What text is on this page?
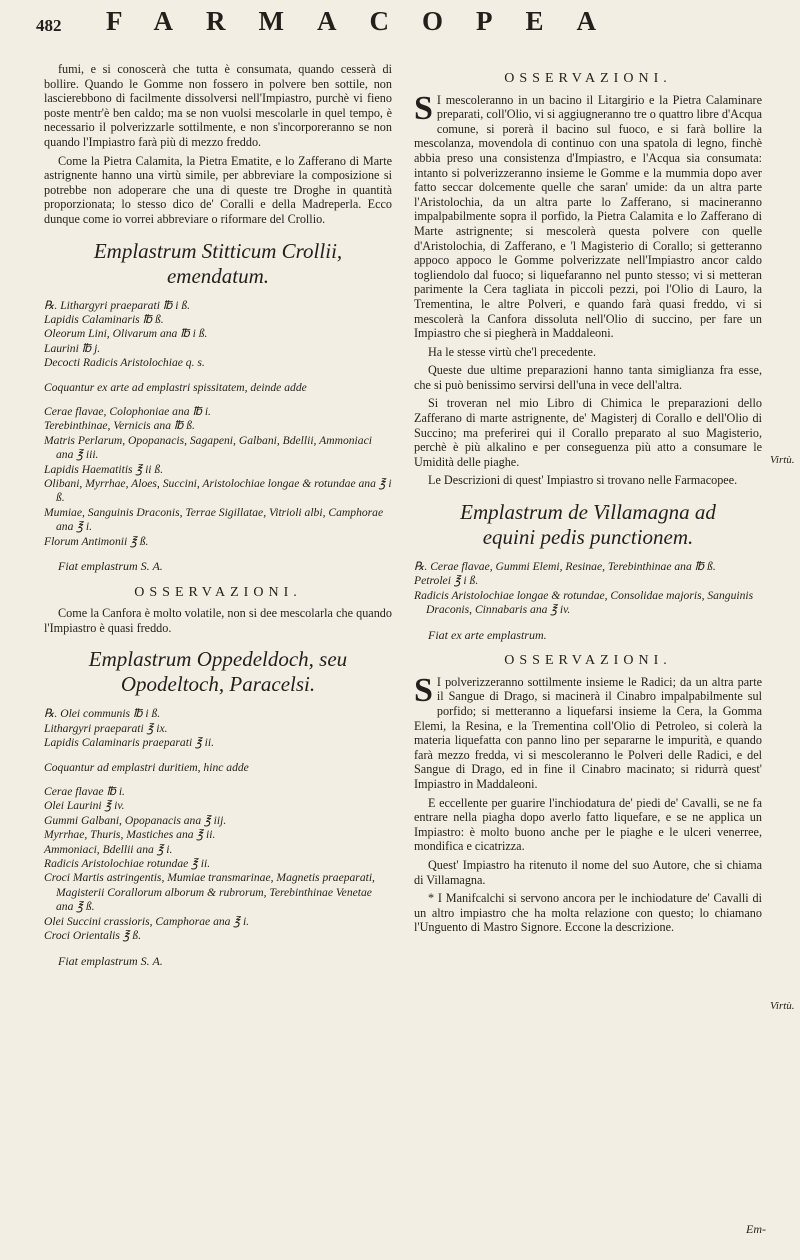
482 FARMACOPEA

fumi, e si conoscerà che tutta è consumata, quando cesserà di bollire. Quando le Gomme non fossero in polvere ben sottile, non lascierebbono di facilmente dissolversi nell'Impiastro, purchè vi fieno poste mentr'è ben caldo; ma se non vuolsi mescolarle in quel tempo, è necessario il polverizzarle sottilmente, e non s'incorporeranno se non quando l'Impiastro farà più di mezzo freddo.

Come la Pietra Calamita, la Pietra Ematite, e lo Zafferano di Marte astrignente hanno una virtù simile, per abbreviare la composizione si potrebbe non adoperare che una di queste tre Droghe in quantità proporzionata; lo stesso dico de' Coralli e della Madreperla. Ecco dunque come io vorrei abbreviare o riformare del Crollio.

Emplastrum Stitticum Crollii,
emendatum.
℞. Lithargyri praeparati ℔ i ß.
Lapidis Calaminaris ℔ ß.
Oleorum Lini, Olivarum ana ℔ i ß.
Laurini ℔ j.
Decocti Radicis Aristolochiae q. s.
Coquantur ex arte ad emplastri spissitatem, deinde adde
Cerae flavae, Colophoniae ana ℔ i.
Terebinthinae, Vernicis ana ℔ ß.
Matris Perlarum, Opopanacis, Sagapeni, Galbani, Bdellii, Ammoniaci ana ℥ iii.
Lapidis Haematitis ℥ ii ß.
Olibani, Myrrhae, Aloes, Succini, Aristolochiae longae & rotundae ana ℥ i ß.
Mumiae, Sanguinis Draconis, Terrae Sigillatae, Vitrioli albi, Camphorae ana ℥ i.
Florum Antimonii ℥ ß.
Fiat emplastrum S. A.
OSSERVAZIONI.

Come la Canfora è molto volatile, non si dee mescolarla che quando l'Impiastro è quasi freddo.

Emplastrum Oppedeldoch, seu
Opodeltoch, Paracelsi.
℞. Olei communis ℔ i ß.
Lithargyri praeparati ℥ ix.
Lapidis Calaminaris praeparati ℥ ii.
Coquantur ad emplastri duritiem, hinc adde
Cerae flavae ℔ i.
Olei Laurini ℥ iv.
Gummi Galbani, Opopanacis ana ℥ iij.
Myrrhae, Thuris, Mastiches ana ℥ ii.
Ammoniaci, Bdellii ana ℥ i.
Radicis Aristolochiae rotundae ℥ ii.
Croci Martis astringentis, Mumiae transmarinae, Magnetis praeparati, Magisterii Corallorum alborum & rubrorum, Terebinthinae Venetae ana ℥ ß.
Olei Succini crassioris, Camphorae ana ℥ i.
Croci Orientalis ℥ ß.
Fiat emplastrum S. A.
OSSERVAZIONI.

S I mescoleranno in un bacino il Litargirio e la Pietra Calaminare preparati, coll'Olio, vi si aggiugneranno tre o quattro libre d'Acqua comune, si porerà il bacino sul fuoco, e si farà bollire la mescolanza, movendola di continuo con una spatola di legno, finchè abbia preso una consistenza d'Impiastro, e l'Acqua sia consumata: intanto si polverizzeranno insieme le Gomme e la mummia dopo aver fatto seccar dolcemente quelle che saran' umide: da un altra parte l'Aristolochia, da un altra parte lo Zafferano, si macineranno impalpabilmente sopra il porfido, la Pietra Calamita e lo Zafferano di Marte astrignente; si mescolerà questa polvere con quelle d'Aristolochia, di Zafferano, e 'l Magisterio di Corallo; si getteranno appoco appoco le Gomme polverizzate nell'Impiastro ancor caldo togliendolo dal fuoco; si liquefaranno nel punto stesso; vi si metteran parimente la Cera tagliata in piccoli pezzi, poi l'Olio di Lauro, la Trementina, le altre Polveri, e quando farà quasi freddo, vi si mescolerà la Canfora dissoluta nell'Olio di succino, per fare un Impiastro che si piegherà in Maddaleoni.

Ha le stesse virtù che'l precedente.

Queste due ultime preparazioni hanno tanta simiglianza fra esse, che si può benissimo servirsi dell'una in vece dell'altra.

Si troveran nel mio Libro di Chimica le preparazioni dello Zafferano di marte astrignente, de' Magisterj di Corallo e dell'Olio di Succino; ma preferirei qui il Corallo preparato al suo Magisterio, perchè è più alkalino e per conseguenza più atto a consumare le Umidità delle piaghe.

Le Descrizioni di quest' Impiastro si trovano nelle Farmacopee.

Emplastrum de Villamagna ad
equini pedis punctionem.
℞. Cerae flavae, Gummi Elemi, Resinae, Terebinthinae ana ℔ ß.
Petrolei ℥ i ß.
Radicis Aristolochiae longae & rotundae, Consolidae majoris, Sanguinis Draconis, Cinnabaris ana ℥ iv.
Fiat ex arte emplastrum.
OSSERVAZIONI.

S I polverizzeranno sottilmente insieme le Radici; da un altra parte il Sangue di Drago, si macinerà il Cinabro impalpabilmente sul porfido; si metteranno a liquefarsi insieme la Cera, la Gomma Elemi, la Resina, e la Trementina coll'Olio di Petroleo, si colerà la materia liquefatta con panno lino per separarne le impurità, e quando farà mezzo fredda, vi si mescoleranno le Polveri delle Radici, e del Sangue di Drago, ed in fine il Cinabro macinato; si ridurrà quest' Impiastro in Maddaleoni.

E eccellente per guarire l'inchiodatura de' piedi de' Cavalli, se ne fa entrare nella piagha dopo averlo fatto liquefare, e se ne applica un Impiastro: è molto buono anche per le piaghe e le ulceri venerree, mondifica e cicatrizza.

Quest' Impiastro ha ritenuto il nome del suo Autore, che si chiama di Villamagna.

* I Manifcalchi si servono ancora per le inchiodature de' Cavalli di un altro impiastro che ha molta relazione con questo; lo chiamano l'Unguento di Mastro Signore. Eccone la descrizione.

Virtù.
Virtù.
Em-
